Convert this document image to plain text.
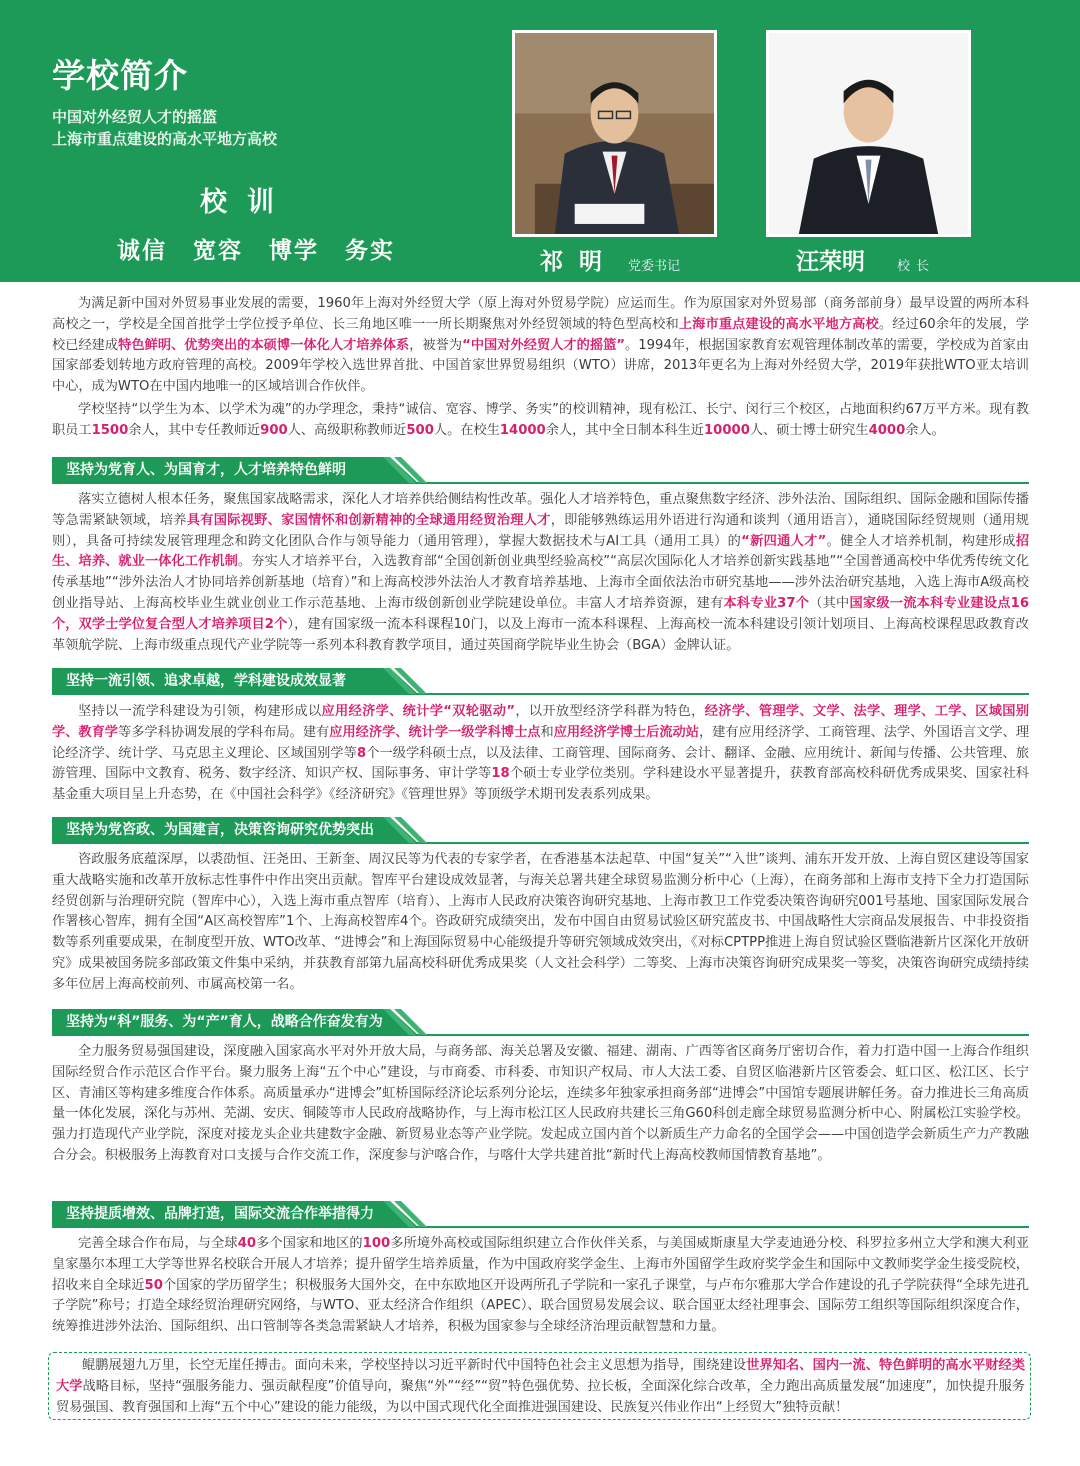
学校简介
中国对外经贸人才的摇篮
上海市重点建设的高水平地方高校
校训
诚信 宽容 博学 务实	祁明 党委书记	汪荣明 校长
为满足新中国对外贸易事业发展的需要，1960年上海对外经贸大学（原上海对外贸易学院）应运而生。作为原国家对外贸易部（商务部前身）最早设置的两所本科高校之一，学校是全国首批学士学位授予单位、长三角地区唯一一所长期聚焦对外经贸领域的特色型高校和上海市重点建设的高水平地方高校。经过60余年的发展，学校已经建成特色鲜明、优势突出的本硕博一体化人才培养体系，被誉为“中国对外经贸人才的摇篮”。1994年，根据国家教育宏观管理体制改革的需要，学校成为首家由国家部委划转地方政府管理的高校。2009年学校入选世界首批、中国首家世界贸易组织（WTO）讲席，2013年更名为上海对外经贸大学，2019年获批WTO亚太培训中心，成为WTO在中国内地唯一的区域培训合作伙伴。
学校坚持“以学生为本、以学术为魂”的办学理念，秉持“诚信、宽容、博学、务实”的校训精神，现有松江、长宁、闵行三个校区，占地面积约67万平方米。现有教职员工1500余人，其中专任教师近900人、高级职称教师近500人。在校生14000余人，其中全日制本科生近10000人、硕士博士研究生4000余人。
坚持为党育人、为国育才，人才培养特色鲜明
落实立德树人根本任务，聚焦国家战略需求，深化人才培养供给侧结构性改革。强化人才培养特色，重点聚焦数字经济、涉外法治、国际组织、国际金融和国际传播等急需紧缺领域，培养具有国际视野、家国情怀和创新精神的全球通用经贸治理人才，即能够熟练运用外语进行沟通和谈判（通用语言），通晓国际经贸规则（通用规则），具备可持续发展管理理念和跨文化团队合作与领导能力（通用管理），掌握大数据技术与AI工具（通用工具）的“新四通人才”。健全人才培养机制，构建形成招生、培养、就业一体化工作机制。夯实人才培养平台，入选教育部“全国创新创业典型经验高校”“高层次国际化人才培养创新实践基地”“全国普通高校中华优秀传统文化传承基地”“涉外法治人才协同培养创新基地（培育）”和上海高校涉外法治人才教育培养基地、上海市全面依法治市研究基地——涉外法治研究基地，入选上海市A级高校创业指导站、上海高校毕业生就业创业工作示范基地、上海市级创新创业学院建设单位。丰富人才培养资源，建有本科专业37个（其中国家级一流本科专业建设点16个，双学士学位复合型人才培养项目2个），建有国家级一流本科课程10门，以及上海市一流本科课程、上海高校一流本科建设引领计划项目、上海高校课程思政教育改革领航学院、上海市级重点现代产业学院等一系列本科教育教学项目，通过英国商学院毕业生协会（BGA）金牌认证。
坚持一流引领、追求卓越，学科建设成效显著
坚持以一流学科建设为引领，构建形成以应用经济学、统计学“双轮驱动”，以开放型经济学科群为特色，经济学、管理学、文学、法学、理学、工学、区域国别学、教育学等多学科协调发展的学科布局。建有应用经济学、统计学一级学科博士点和应用经济学博士后流动站，建有应用经济学、工商管理、法学、外国语言文学、理论经济学、统计学、马克思主义理论、区域国别学等8个一级学科硕士点，以及法律、工商管理、国际商务、会计、翻译、金融、应用统计、新闻与传播、公共管理、旅游管理、国际中文教育、税务、数字经济、知识产权、国际事务、审计学等18个硕士专业学位类别。学科建设水平显著提升，获教育部高校科研优秀成果奖、国家社科基金重大项目呈上升态势，在《中国社会科学》《经济研究》《管理世界》等顶级学术期刊发表系列成果。
坚持为党咨政、为国建言，决策咨询研究优势突出
咨政服务底蕴深厚，以裘劭恒、汪尧田、王新奎、周汉民等为代表的专家学者，在香港基本法起草、中国“复关”“入世”谈判、浦东开发开放、上海自贸区建设等国家重大战略实施和改革开放标志性事件中作出突出贡献。智库平台建设成效显著，与海关总署共建全球贸易监测分析中心（上海），在商务部和上海市支持下全力打造国际经贸创新与治理研究院（智库中心），入选上海市重点智库（培育）、上海市人民政府决策咨询研究基地、上海市教卫工作党委决策咨询研究001号基地、国家国际发展合作署核心智库，拥有全国“A区高校智库”1个、上海高校智库4个。咨政研究成绩突出，发布中国自由贸易试验区研究蓝皮书、中国战略性大宗商品发展报告、中非投资指数等系列重要成果，在制度型开放、WTO改革、“进博会”和上海国际贸易中心能级提升等研究领域成效突出，《对标CPTPP推进上海自贸试验区暨临港新片区深化开放研究》成果被国务院多部政策文件集中采纳，并获教育部第九届高校科研优秀成果奖（人文社会科学）二等奖、上海市决策咨询研究成果奖一等奖，决策咨询研究成绩持续多年位居上海高校前列、市属高校第一名。
坚持为“科”服务、为“产”育人，战略合作奋发有为
全力服务贸易强国建设，深度融入国家高水平对外开放大局，与商务部、海关总署及安徽、福建、湖南、广西等省区商务厅密切合作，着力打造中国一上海合作组织国际经贸合作示范区合作平台。聚力服务上海“五个中心”建设，与市商委、市科委、市知识产权局、市人大法工委、自贸区临港新片区管委会、虹口区、松江区、长宁区、青浦区等构建多维度合作体系。高质量承办“进博会”虹桥国际经济论坛系列分论坛，连续多年独家承担商务部“进博会”中国馆专题展讲解任务。奋力推进长三角高质量一体化发展，深化与苏州、芜湖、安庆、铜陵等市人民政府战略协作，与上海市松江区人民政府共建长三角G60科创走廊全球贸易监测分析中心、附属松江实验学校。强力打造现代产业学院，深度对接龙头企业共建数字金融、新贸易业态等产业学院。发起成立国内首个以新质生产力命名的全国学会——中国创造学会新质生产力产教融合分会。积极服务上海教育对口支援与合作交流工作，深度参与沪喀合作，与喀什大学共建首批“新时代上海高校教师国情教育基地”。
坚持提质增效、品牌打造，国际交流合作举措得力
完善全球合作布局，与全球40多个国家和地区的100多所境外高校或国际组织建立合作伙伴关系，与美国威斯康星大学麦迪逊分校、科罗拉多州立大学和澳大利亚皇家墨尔本理工大学等世界名校联合开展人才培养；提升留学生培养质量，作为中国政府奖学金生、上海市外国留学生政府奖学金生和国际中文教师奖学金生接受院校，招收来自全球近50个国家的学历留学生；积极服务大国外交，在中东欧地区开设两所孔子学院和一家孔子课堂，与卢布尔雅那大学合作建设的孔子学院获得“全球先进孔子学院”称号；打造全球经贸治理研究网络，与WTO、亚太经济合作组织（APEC）、联合国贸易发展会议、联合国亚太经社理事会、国际劳工组织等国际组织深度合作，统筹推进涉外法治、国际组织、出口管制等各类急需紧缺人才培养，积极为国家参与全球经济治理贡献智慧和力量。
鲲鹏展翅九万里，长空无崖任搏击。面向未来，学校坚持以习近平新时代中国特色社会主义思想为指导，围绕建设世界知名、国内一流、特色鲜明的高水平财经类大学战略目标，坚持“强服务能力、强贡献程度”价值导向，聚焦“外”“经”“贸”特色强优势、拉长板，全面深化综合改革，全力跑出高质量发展“加速度”，加快提升服务贸易强国、教育强国和上海“五个中心”建设的能力能级，为以中国式现代化全面推进强国建设、民族复兴伟业作出“上经贸大”独特贡献！
